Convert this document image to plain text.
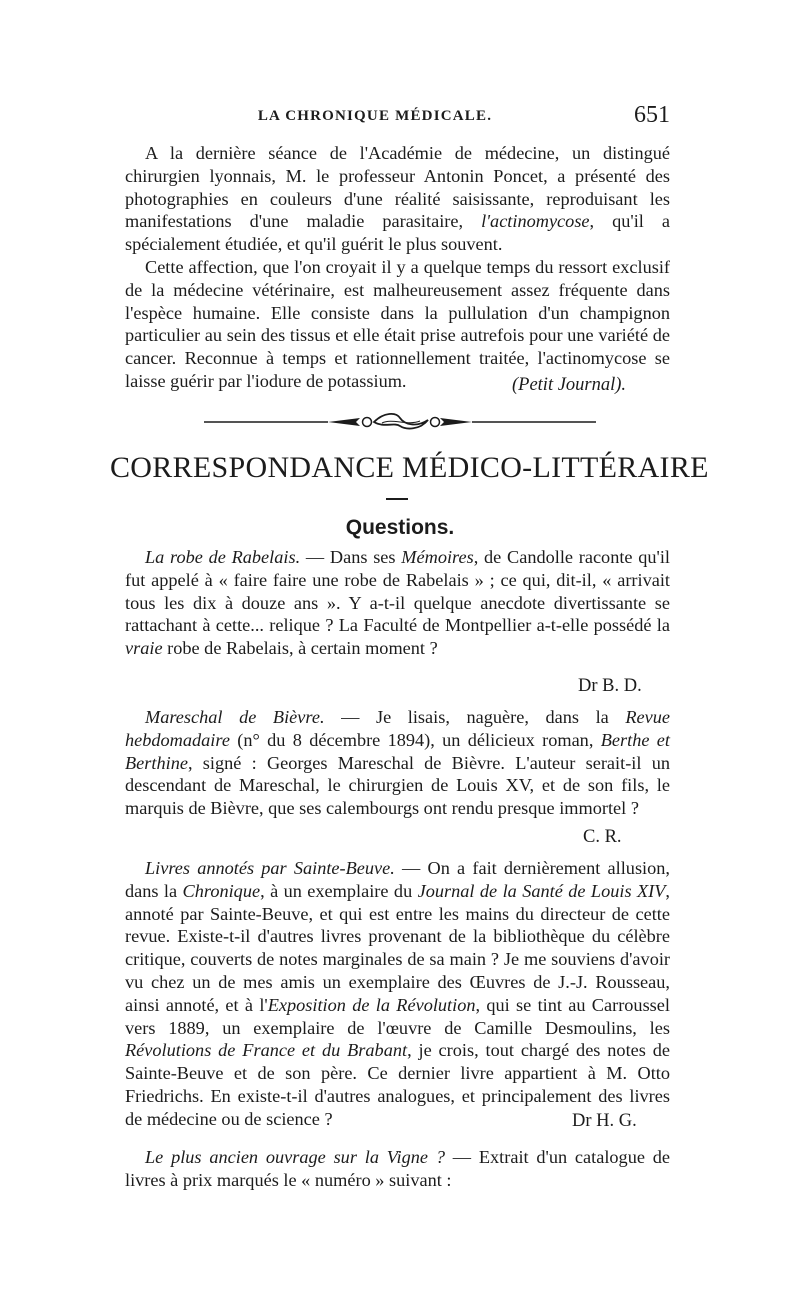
LA CHRONIQUE MÉDICALE.	651

A la dernière séance de l'Académie de médecine, un distingué chirurgien lyonnais, M. le professeur Antonin Poncet, a présenté des photographies en couleurs d'une réalité saisissante, reproduisant les manifestations d'une maladie parasitaire, l'actinomycose, qu'il a spécialement étudiée, et qu'il guérit le plus souvent.

Cette affection, que l'on croyait il y a quelque temps du ressort exclusif de la médecine vétérinaire, est malheureusement assez fréquente dans l'espèce humaine. Elle consiste dans la pullulation d'un champignon particulier au sein des tissus et elle était prise autrefois pour une variété de cancer. Reconnue à temps et rationnellement traitée, l'actinomycose se laisse guérir par l'iodure de potassium.	(Petit Journal).
CORRESPONDANCE MÉDICO-LITTÉRAIRE
Questions.

La robe de Rabelais. — Dans ses Mémoires, de Candolle raconte qu'il fut appelé à « faire faire une robe de Rabelais » ; ce qui, dit-il, « arrivait tous les dix à douze ans ». Y a-t-il quelque anecdote divertissante se rattachant à cette... relique ? La Faculté de Montpellier a-t-elle possédé la vraie robe de Rabelais, à certain moment ?

Dr B. D.

Mareschal de Bièvre. — Je lisais, naguère, dans la Revue hebdomadaire (n° du 8 décembre 1894), un délicieux roman, Berthe et Berthine, signé : Georges Mareschal de Bièvre. L'auteur serait-il un descendant de Mareschal, le chirurgien de Louis XV, et de son fils, le marquis de Bièvre, que ses calembourgs ont rendu presque immortel ?

C. R.

Livres annotés par Sainte-Beuve. — On a fait dernièrement allusion, dans la Chronique, à un exemplaire du Journal de la Santé de Louis XIV, annoté par Sainte-Beuve, et qui est entre les mains du directeur de cette revue. Existe-t-il d'autres livres provenant de la bibliothèque du célèbre critique, couverts de notes marginales de sa main ? Je me souviens d'avoir vu chez un de mes amis un exemplaire des Œuvres de J.-J. Rousseau, ainsi annoté, et à l'Exposition de la Révolution, qui se tint au Carroussel vers 1889, un exemplaire de l'œuvre de Camille Desmoulins, les Révolutions de France et du Brabant, je crois, tout chargé des notes de Sainte-Beuve et de son père. Ce dernier livre appartient à M. Otto Friedrichs. En existe-t-il d'autres analogues, et principalement des livres de médecine ou de science ?	Dr H. G.

Le plus ancien ouvrage sur la Vigne ? — Extrait d'un catalogue de livres à prix marqués le « numéro » suivant :
